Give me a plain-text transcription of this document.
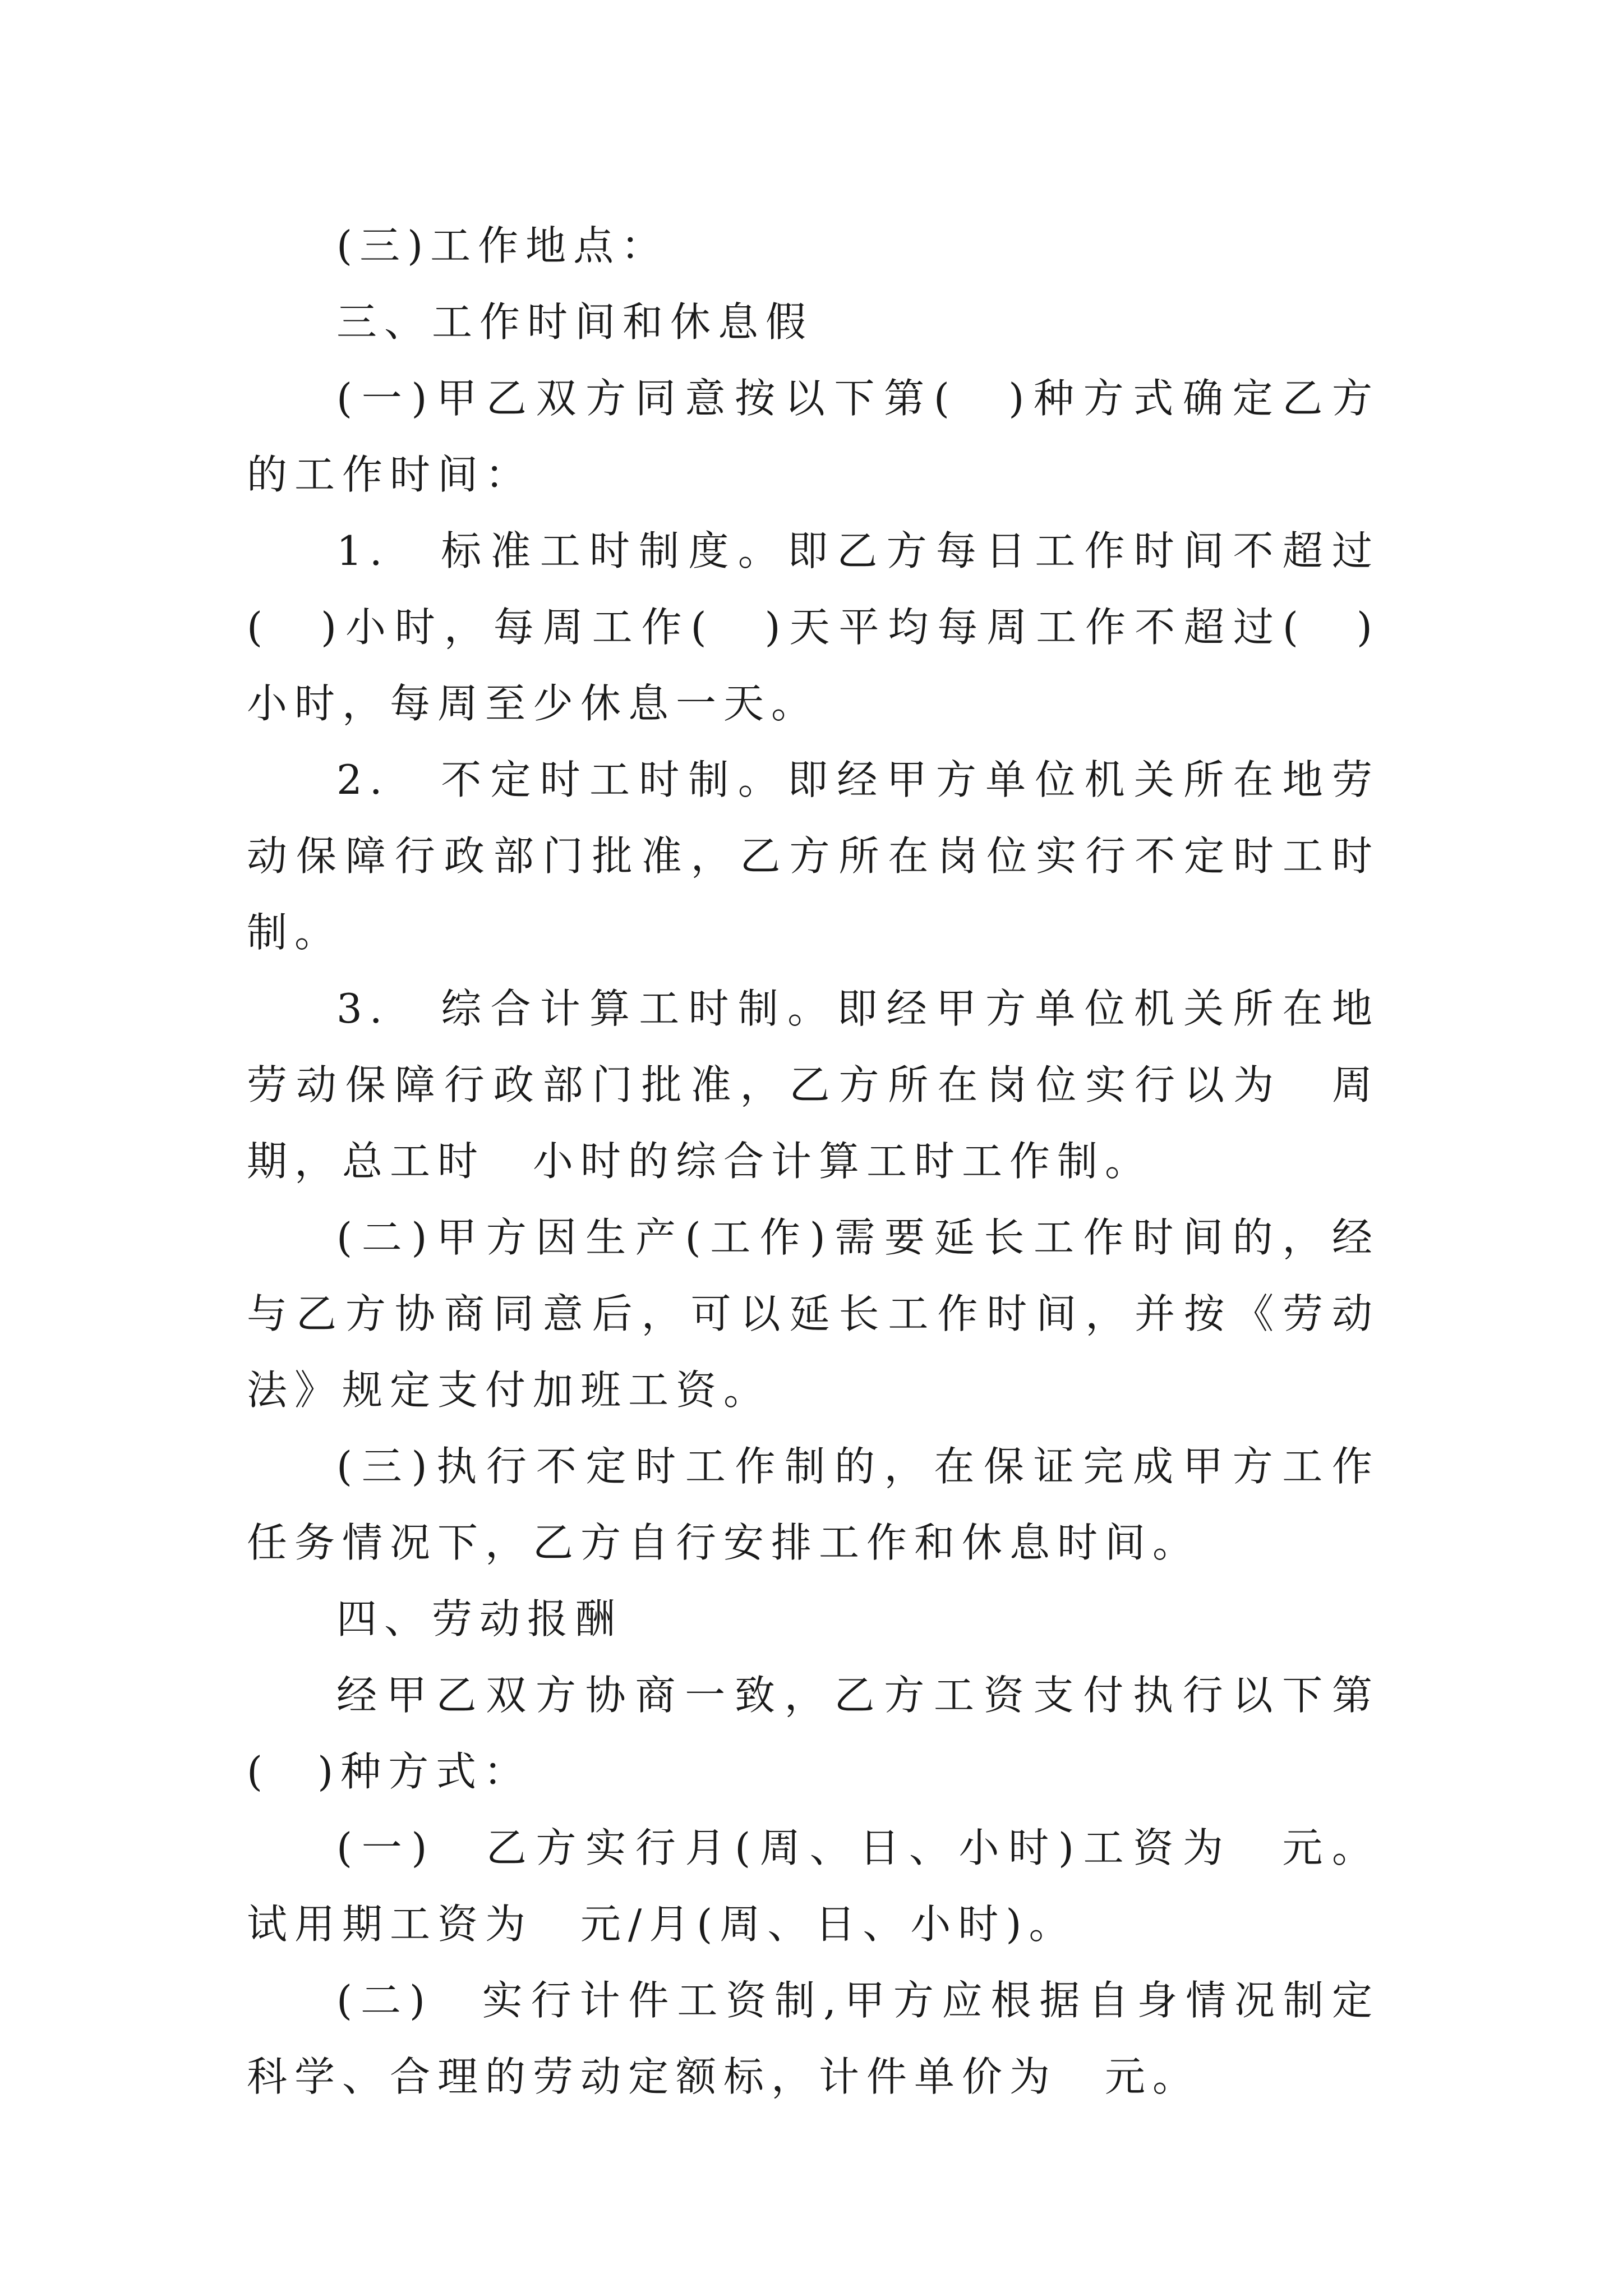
(三)工作地点：

三、工作时间和休息假

(一)甲乙双方同意按以下第(　)种方式确定乙方的工作时间：

1.　标准工时制度。即乙方每日工作时间不超过(　)小时，每周工作(　)天平均每周工作不超过(　)小时，每周至少休息一天。

2.　不定时工时制。即经甲方单位机关所在地劳动保障行政部门批准，乙方所在岗位实行不定时工时制。

3.　综合计算工时制。即经甲方单位机关所在地劳动保障行政部门批准，乙方所在岗位实行以为　周期，总工时　小时的综合计算工时工作制。

(二)甲方因生产(工作)需要延长工作时间的，经与乙方协商同意后，可以延长工作时间，并按《劳动法》规定支付加班工资。

(三)执行不定时工作制的，在保证完成甲方工作任务情况下，乙方自行安排工作和休息时间。

四、劳动报酬

经甲乙双方协商一致，乙方工资支付执行以下第(　)种方式：

(一)　乙方实行月(周、日、小时)工资为　元。试用期工资为　元/月(周、日、小时)。

(二)　实行计件工资制,甲方应根据自身情况制定科学、合理的劳动定额标，计件单价为　元。
